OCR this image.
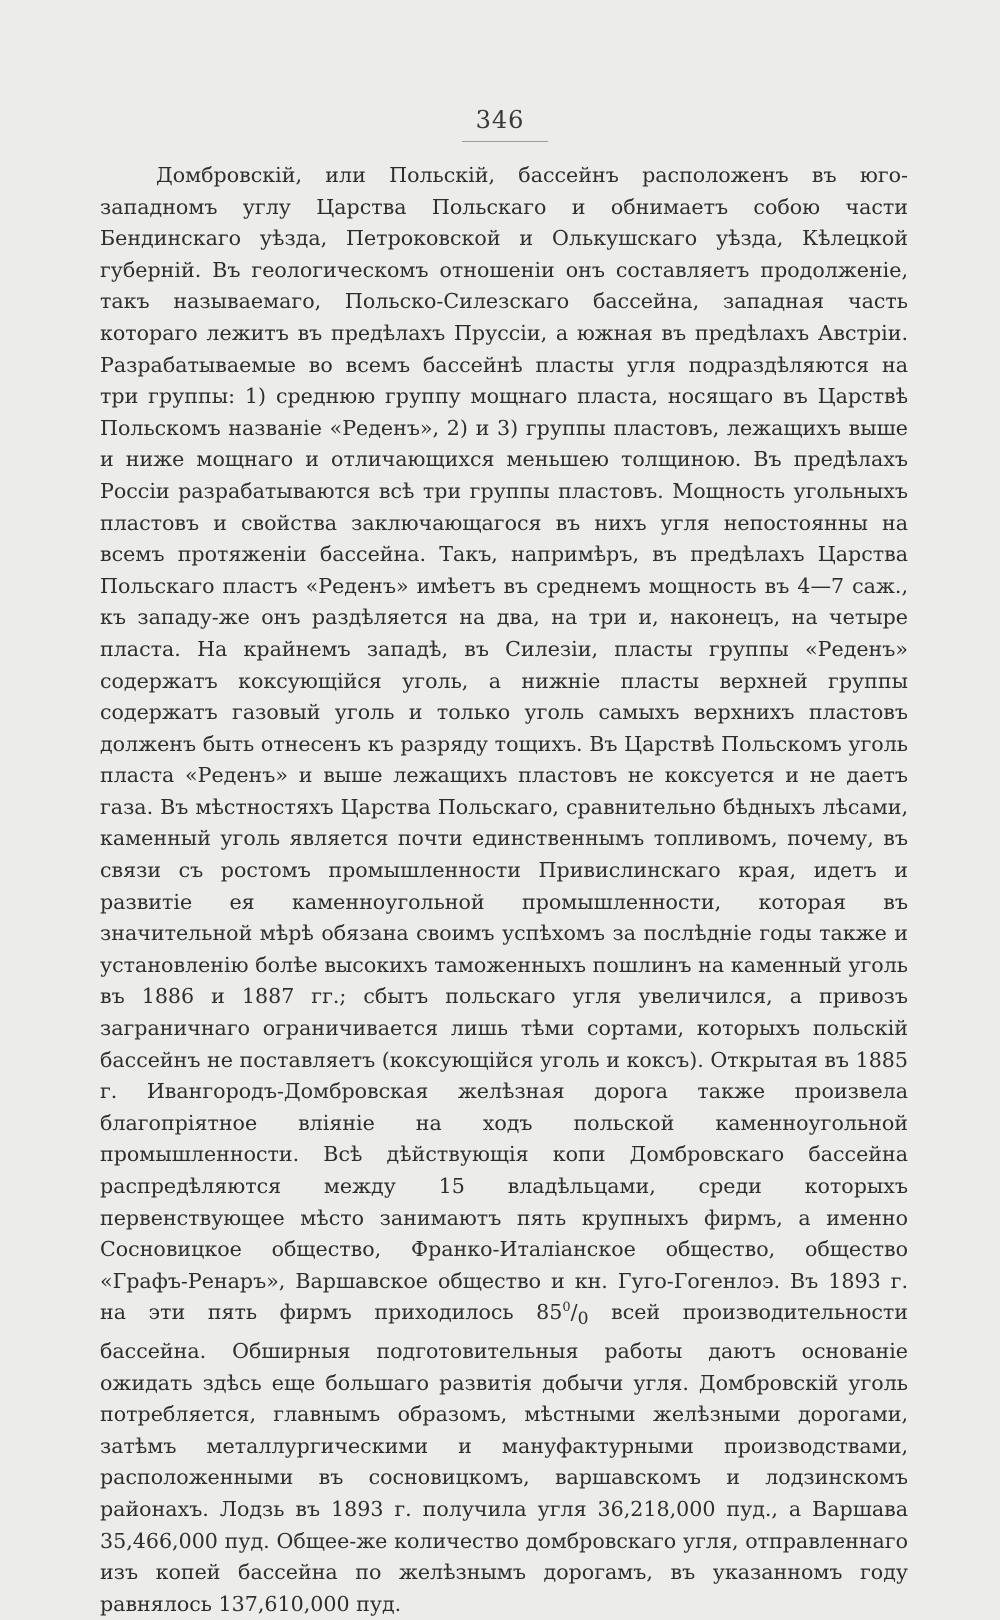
346

Домбровскій, или Польскій, бассейнъ расположенъ въ юго-западномъ углу Царства Польскаго и обнимаетъ собою части Бендинскаго уѣзда, Петроковской и Олькушскаго уѣзда, Кѣлецкой губерній. Въ геологическомъ отношеніи онъ составляетъ продолженіе, такъ называемаго, Польско-Силезскаго бассейна, западная часть котораго лежитъ въ предѣлахъ Пруссіи, а южная въ предѣлахъ Австріи. Разрабатываемые во всемъ бассейнѣ пласты угля подраздѣляются на три группы: 1) среднюю группу мощнаго пласта, носящаго въ Царствѣ Польскомъ названіе «Реденъ», 2) и 3) группы пластовъ, лежащихъ выше и ниже мощнаго и отличающихся меньшею толщиною. Въ предѣлахъ Россіи разрабатываются всѣ три группы пластовъ. Мощность угольныхъ пластовъ и свойства заключающагося въ нихъ угля непостоянны на всемъ протяженіи бассейна. Такъ, напримѣръ, въ предѣлахъ Царства Польскаго пластъ «Реденъ» имѣетъ въ среднемъ мощность въ 4—7 саж., къ западу-же онъ раздѣляется на два, на три и, наконецъ, на четыре пласта. На крайнемъ западѣ, въ Силезіи, пласты группы «Реденъ» содержатъ коксующійся уголь, а нижніе пласты верхней группы содержатъ газовый уголь и только уголь самыхъ верхнихъ пластовъ долженъ быть отнесенъ къ разряду тощихъ. Въ Царствѣ Польскомъ уголь пласта «Реденъ» и выше лежащихъ пластовъ не коксуется и не даетъ газа. Въ мѣстностяхъ Царства Польскаго, сравнительно бѣдныхъ лѣсами, каменный уголь является почти единственнымъ топливомъ, почему, въ связи съ ростомъ промышленности Привислинскаго края, идетъ и развитіе ея каменноугольной промышленности, которая въ значительной мѣрѣ обязана своимъ успѣхомъ за послѣдніе годы также и установленію болѣе высокихъ таможенныхъ пошлинъ на каменный уголь въ 1886 и 1887 гг.; сбытъ польскаго угля увеличился, а привозъ заграничнаго ограничивается лишь тѣми сортами, которыхъ польскій бассейнъ не поставляетъ (коксующійся уголь и коксъ). Открытая въ 1885 г. Ивангородъ-Домбровская желѣзная дорога также произвела благопріятное вліяніе на ходъ польской каменноугольной промышленности. Всѣ дѣйствующія копи Домбровскаго бассейна распредѣляются между 15 владѣльцами, среди которыхъ первенствующее мѣсто занимаютъ пять крупныхъ фирмъ, а именно Сосновицкое общество, Франко-Италіанское общество, общество «Графъ-Ренаръ», Варшавское общество и кн. Гуго-Гогенлоэ. Въ 1893 г. на эти пять фирмъ приходилось $85^0/_0$ всей производительности бассейна. Обширныя подготовительныя работы даютъ основаніе ожидать здѣсь еще большаго развитія добычи угля. Домбровскій уголь потребляется, главнымъ образомъ, мѣстными желѣзными дорогами, затѣмъ металлургическими и мануфактурными производствами, расположенными въ сосновицкомъ, варшавскомъ и лодзинскомъ районахъ. Лодзь въ 1893 г. получила угля 36,218,000 пуд., а Варшава 35,466,000 пуд. Общее-же количество домбровскаго угля, отправленнаго изъ копей бассейна по желѣзнымъ дорогамъ, въ указанномъ году равнялось 137,610,000 пуд.
